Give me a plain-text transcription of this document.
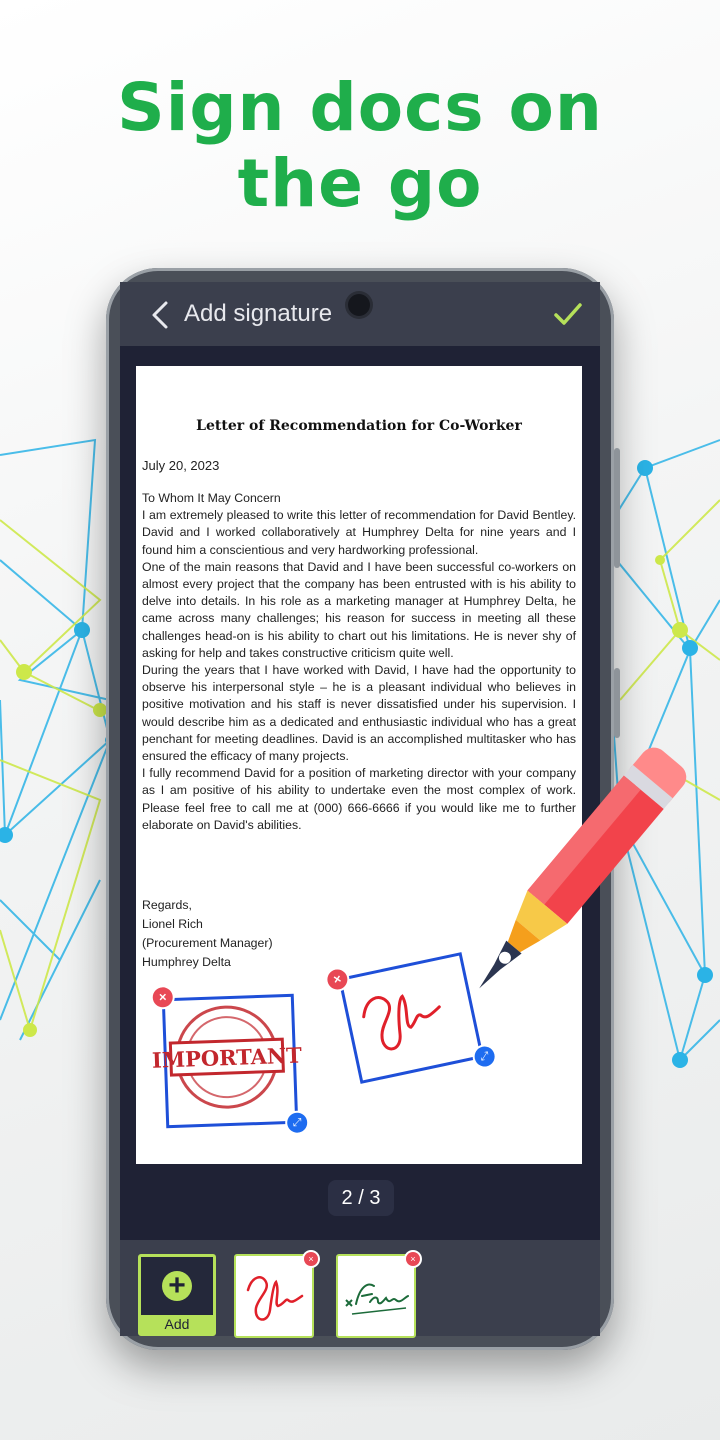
Sign docs on
the go
Add signature
Letter of Recommendation for Co-Worker
July 20, 2023

To Whom It May Concern

I am extremely pleased to write this letter of recommendation for David Bentley. David and I worked collaboratively at Humphrey Delta for nine years and I found him a conscientious and very hardworking professional.

One of the main reasons that David and I have been successful co-workers on almost every project that the company has been entrusted with is his ability to delve into details. In his role as a marketing manager at Humphrey Delta, he came across many challenges; his reason for success in meeting all these challenges head-on is his ability to chart out his limitations. He is never shy of asking for help and takes constructive criticism quite well.

During the years that I have worked with David, I have had the opportunity to observe his interpersonal style – he is a pleasant individual who believes in positive motivation and his staff is never dissatisfied under his supervision. I would describe him as a dedicated and enthusiastic individual who has a great penchant for meeting deadlines. David is an accomplished multitasker who has ensured the efficacy of many projects.

I fully recommend David for a position of marketing director with your company as I am positive of his ability to undertake even the most complex of work. Please feel free to call me at (000) 666-6666 if you would like me to further elaborate on David's abilities.

Regards,
Lionel Rich
(Procurement Manager)
Humphrey Delta
IMPORTANT
×
⤢
×
⤢
2 / 3
+
Add
×	×
